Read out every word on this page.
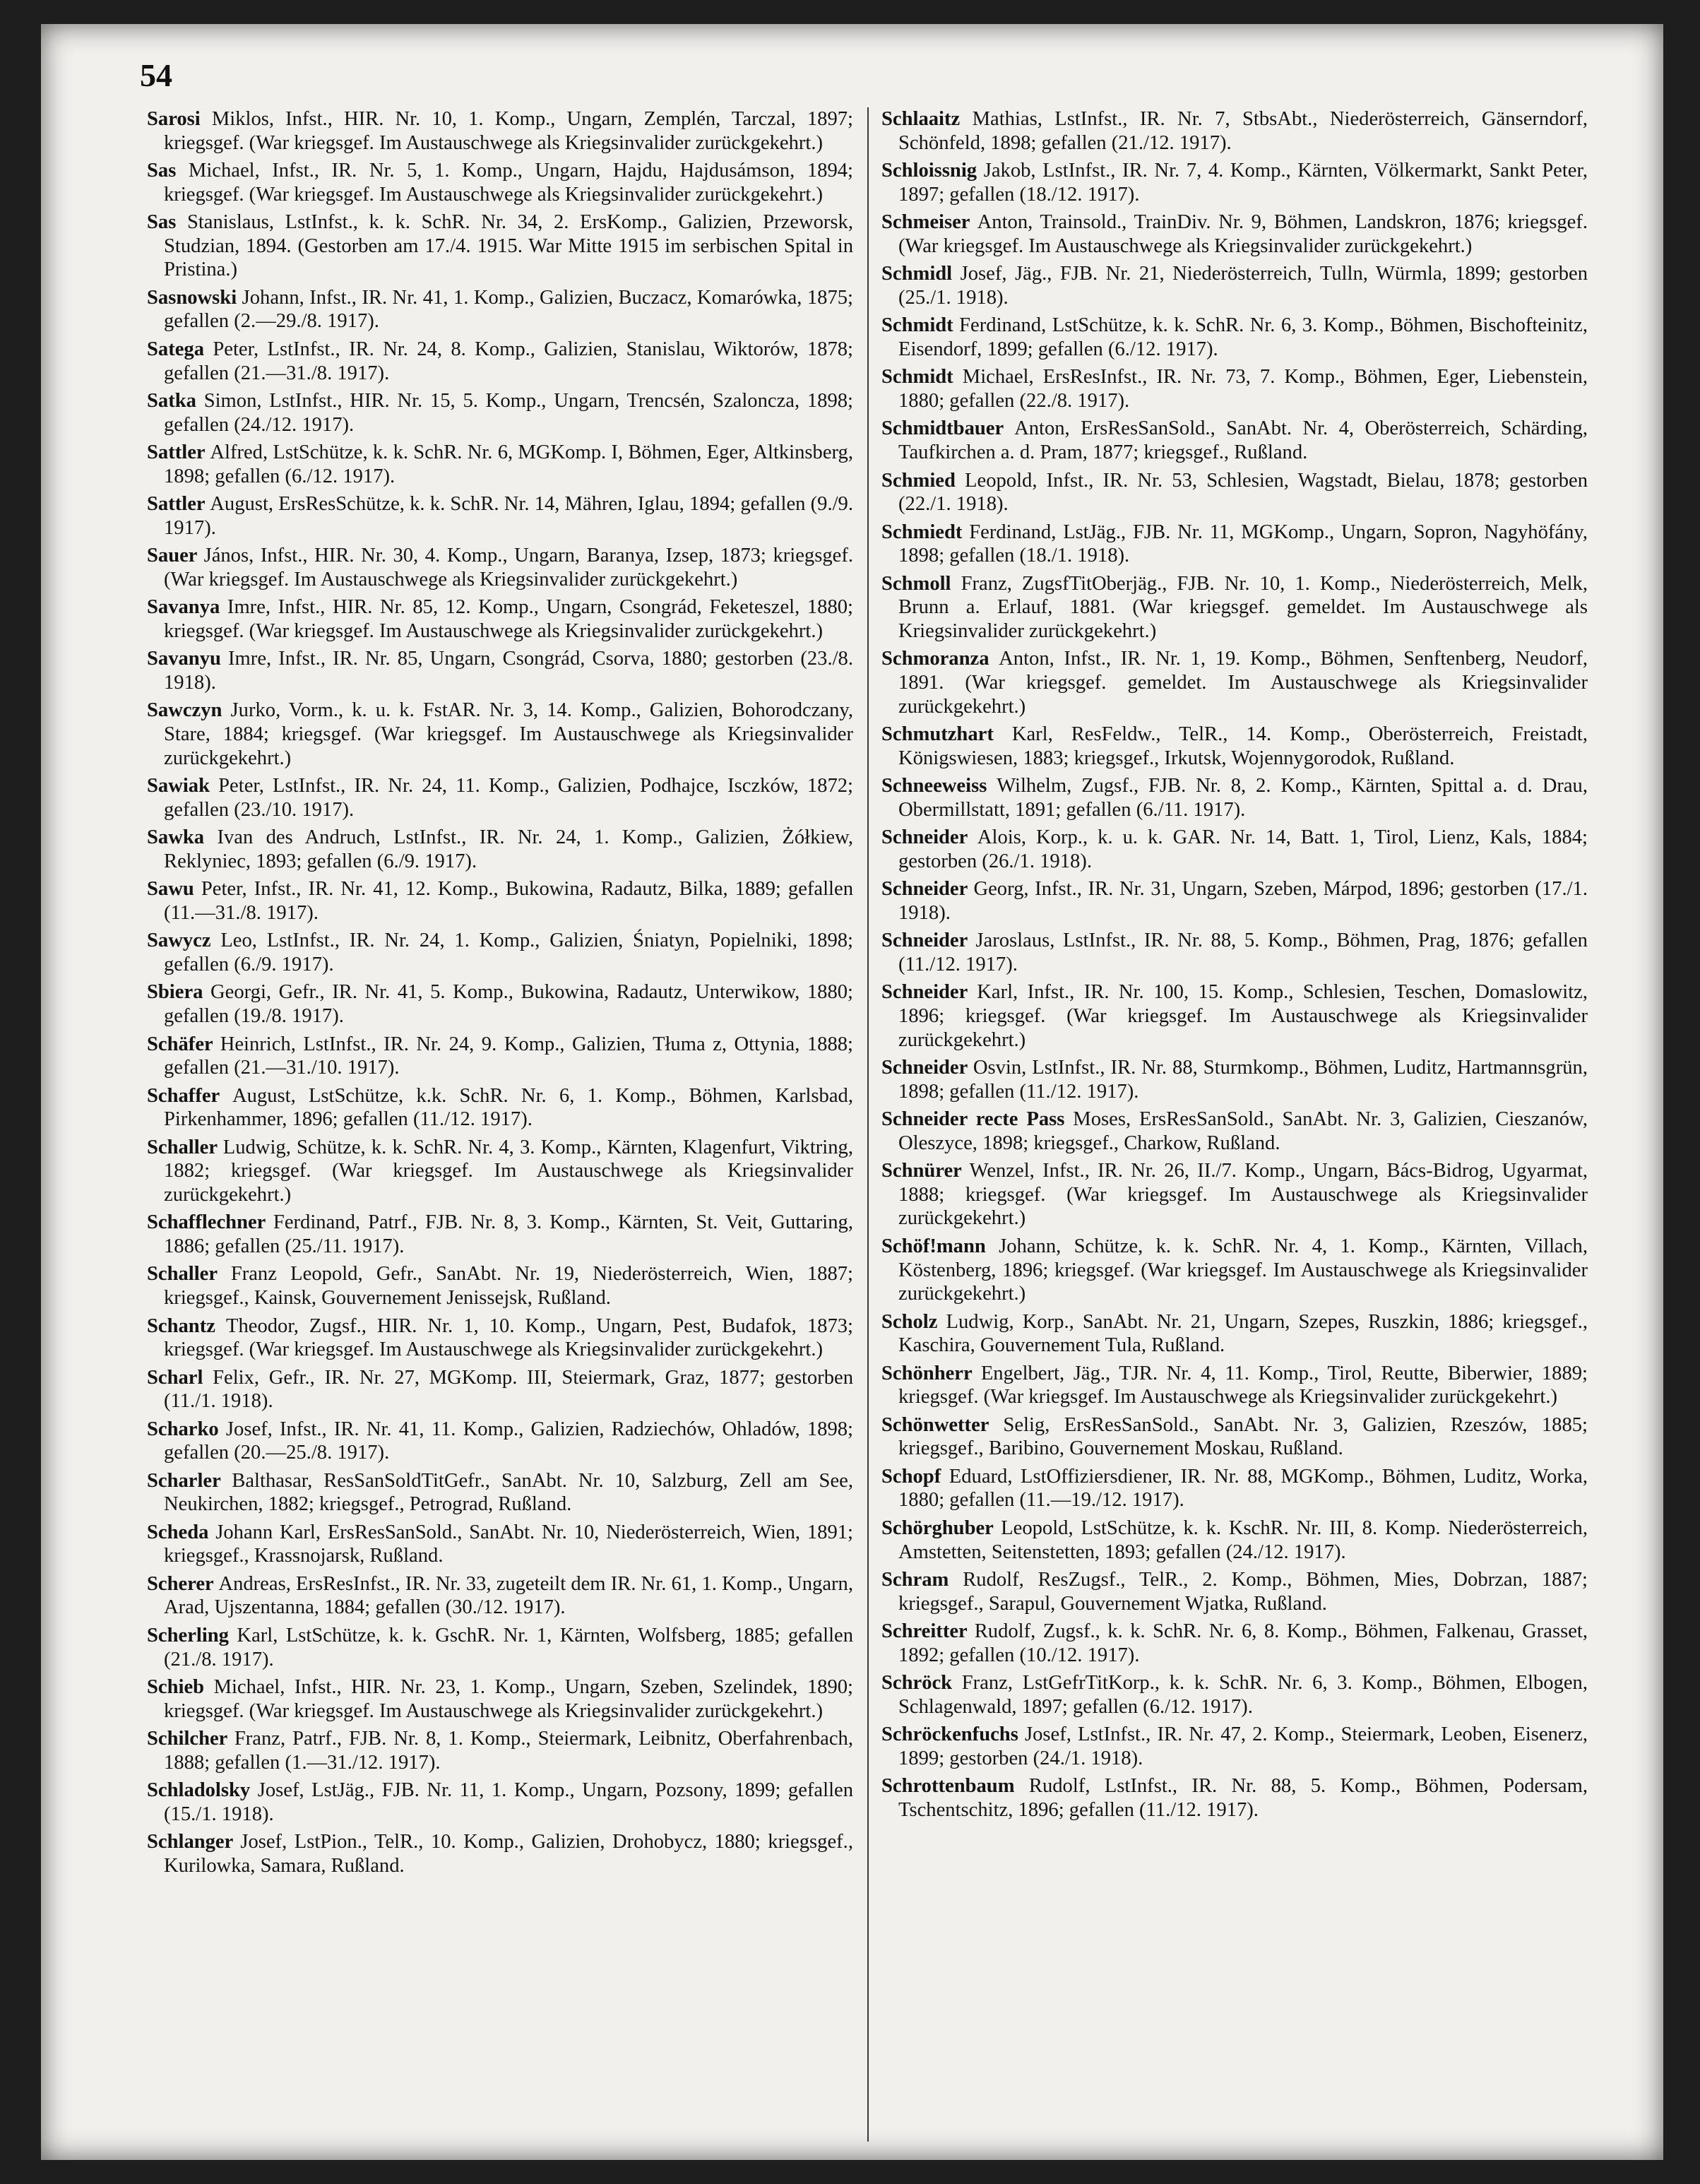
54

Sarosi Miklos, Infst., HIR. Nr. 10, 1. Komp., Ungarn, Zemplén, Tarczal, 1897; kriegsgef. (War kriegsgef. Im Austauschwege als Kriegsinvalider zurückgekehrt.)

Sas Michael, Infst., IR. Nr. 5, 1. Komp., Ungarn, Hajdu, Hajdusámson, 1894; kriegsgef. (War kriegsgef. Im Austauschwege als Kriegsinvalider zurückgekehrt.)

Sas Stanislaus, LstInfst., k. k. SchR. Nr. 34, 2. ErsKomp., Galizien, Przeworsk, Studzian, 1894. (Gestorben am 17./4. 1915. War Mitte 1915 im serbischen Spital in Pristina.)

Sasnowski Johann, Infst., IR. Nr. 41, 1. Komp., Galizien, Buczacz, Komarówka, 1875; gefallen (2.—29./8. 1917).

Satega Peter, LstInfst., IR. Nr. 24, 8. Komp., Galizien, Stanislau, Wiktorów, 1878; gefallen (21.—31./8. 1917).

Satka Simon, LstInfst., HIR. Nr. 15, 5. Komp., Ungarn, Trencsén, Szaloncza, 1898; gefallen (24./12. 1917).

Sattler Alfred, LstSchütze, k. k. SchR. Nr. 6, MGKomp. I, Böhmen, Eger, Altkinsberg, 1898; gefallen (6./12. 1917).

Sattler August, ErsResSchütze, k. k. SchR. Nr. 14, Mähren, Iglau, 1894; gefallen (9./9. 1917).

Sauer János, Infst., HIR. Nr. 30, 4. Komp., Ungarn, Baranya, Izsep, 1873; kriegsgef. (War kriegsgef. Im Austauschwege als Kriegsinvalider zurückgekehrt.)

Savanya Imre, Infst., HIR. Nr. 85, 12. Komp., Ungarn, Csongrád, Feketeszel, 1880; kriegsgef. (War kriegsgef. Im Austauschwege als Kriegsinvalider zurückgekehrt.)

Savanyu Imre, Infst., IR. Nr. 85, Ungarn, Csongrád, Csorva, 1880; gestorben (23./8. 1918).

Sawczyn Jurko, Vorm., k. u. k. FstAR. Nr. 3, 14. Komp., Galizien, Bohorodczany, Stare, 1884; kriegsgef. (War kriegsgef. Im Austauschwege als Kriegsinvalider zurückgekehrt.)

Sawiak Peter, LstInfst., IR. Nr. 24, 11. Komp., Galizien, Podhajce, Isczków, 1872; gefallen (23./10. 1917).

Sawka Ivan des Andruch, LstInfst., IR. Nr. 24, 1. Komp., Galizien, Żółkiew, Reklyniec, 1893; gefallen (6./9. 1917).

Sawu Peter, Infst., IR. Nr. 41, 12. Komp., Bukowina, Radautz, Bilka, 1889; gefallen (11.—31./8. 1917).

Sawycz Leo, LstInfst., IR. Nr. 24, 1. Komp., Galizien, Śniatyn, Popielniki, 1898; gefallen (6./9. 1917).

Sbiera Georgi, Gefr., IR. Nr. 41, 5. Komp., Bukowina, Radautz, Unterwikow, 1880; gefallen (19./8. 1917).

Schäfer Heinrich, LstInfst., IR. Nr. 24, 9. Komp., Galizien, Tłuma z, Ottynia, 1888; gefallen (21.—31./10. 1917).

Schaffer August, LstSchütze, k.k. SchR. Nr. 6, 1. Komp., Böhmen, Karlsbad, Pirkenhammer, 1896; gefallen (11./12. 1917).

Schaller Ludwig, Schütze, k. k. SchR. Nr. 4, 3. Komp., Kärnten, Klagenfurt, Viktring, 1882; kriegsgef. (War kriegsgef. Im Austauschwege als Kriegsinvalider zurückgekehrt.)

Schafflechner Ferdinand, Patrf., FJB. Nr. 8, 3. Komp., Kärnten, St. Veit, Guttaring, 1886; gefallen (25./11. 1917).

Schaller Franz Leopold, Gefr., SanAbt. Nr. 19, Niederösterreich, Wien, 1887; kriegsgef., Kainsk, Gouvernement Jenissejsk, Rußland.

Schantz Theodor, Zugsf., HIR. Nr. 1, 10. Komp., Ungarn, Pest, Budafok, 1873; kriegsgef. (War kriegsgef. Im Austauschwege als Kriegsinvalider zurückgekehrt.)

Scharl Felix, Gefr., IR. Nr. 27, MGKomp. III, Steiermark, Graz, 1877; gestorben (11./1. 1918).

Scharko Josef, Infst., IR. Nr. 41, 11. Komp., Galizien, Radziechów, Ohladów, 1898; gefallen (20.—25./8. 1917).

Scharler Balthasar, ResSanSoldTitGefr., SanAbt. Nr. 10, Salzburg, Zell am See, Neukirchen, 1882; kriegsgef., Petrograd, Rußland.

Scheda Johann Karl, ErsResSanSold., SanAbt. Nr. 10, Niederösterreich, Wien, 1891; kriegsgef., Krassnojarsk, Rußland.

Scherer Andreas, ErsResInfst., IR. Nr. 33, zugeteilt dem IR. Nr. 61, 1. Komp., Ungarn, Arad, Ujszentanna, 1884; gefallen (30./12. 1917).

Scherling Karl, LstSchütze, k. k. GschR. Nr. 1, Kärnten, Wolfsberg, 1885; gefallen (21./8. 1917).

Schieb Michael, Infst., HIR. Nr. 23, 1. Komp., Ungarn, Szeben, Szelindek, 1890; kriegsgef. (War kriegsgef. Im Austauschwege als Kriegsinvalider zurückgekehrt.)

Schilcher Franz, Patrf., FJB. Nr. 8, 1. Komp., Steiermark, Leibnitz, Oberfahrenbach, 1888; gefallen (1.—31./12. 1917).

Schladolsky Josef, LstJäg., FJB. Nr. 11, 1. Komp., Ungarn, Pozsony, 1899; gefallen (15./1. 1918).

Schlanger Josef, LstPion., TelR., 10. Komp., Galizien, Drohobycz, 1880; kriegsgef., Kurilowka, Samara, Rußland.

Schlaaitz Mathias, LstInfst., IR. Nr. 7, StbsAbt., Niederösterreich, Gänserndorf, Schönfeld, 1898; gefallen (21./12. 1917).

Schloissnig Jakob, LstInfst., IR. Nr. 7, 4. Komp., Kärnten, Völkermarkt, Sankt Peter, 1897; gefallen (18./12. 1917).

Schmeiser Anton, Trainsold., TrainDiv. Nr. 9, Böhmen, Landskron, 1876; kriegsgef. (War kriegsgef. Im Austauschwege als Kriegsinvalider zurückgekehrt.)

Schmidl Josef, Jäg., FJB. Nr. 21, Niederösterreich, Tulln, Würmla, 1899; gestorben (25./1. 1918).

Schmidt Ferdinand, LstSchütze, k. k. SchR. Nr. 6, 3. Komp., Böhmen, Bischofteinitz, Eisendorf, 1899; gefallen (6./12. 1917).

Schmidt Michael, ErsResInfst., IR. Nr. 73, 7. Komp., Böhmen, Eger, Liebenstein, 1880; gefallen (22./8. 1917).

Schmidtbauer Anton, ErsResSanSold., SanAbt. Nr. 4, Oberösterreich, Schärding, Taufkirchen a. d. Pram, 1877; kriegsgef., Rußland.

Schmied Leopold, Infst., IR. Nr. 53, Schlesien, Wagstadt, Bielau, 1878; gestorben (22./1. 1918).

Schmiedt Ferdinand, LstJäg., FJB. Nr. 11, MGKomp., Ungarn, Sopron, Nagyhöfány, 1898; gefallen (18./1. 1918).

Schmoll Franz, ZugsfTitOberjäg., FJB. Nr. 10, 1. Komp., Niederösterreich, Melk, Brunn a. Erlauf, 1881. (War kriegsgef. gemeldet. Im Austauschwege als Kriegsinvalider zurückgekehrt.)

Schmoranza Anton, Infst., IR. Nr. 1, 19. Komp., Böhmen, Senftenberg, Neudorf, 1891. (War kriegsgef. gemeldet. Im Austauschwege als Kriegsinvalider zurückgekehrt.)

Schmutzhart Karl, ResFeldw., TelR., 14. Komp., Oberösterreich, Freistadt, Königswiesen, 1883; kriegsgef., Irkutsk, Wojennygorodok, Rußland.

Schneeweiss Wilhelm, Zugsf., FJB. Nr. 8, 2. Komp., Kärnten, Spittal a. d. Drau, Obermillstatt, 1891; gefallen (6./11. 1917).

Schneider Alois, Korp., k. u. k. GAR. Nr. 14, Batt. 1, Tirol, Lienz, Kals, 1884; gestorben (26./1. 1918).

Schneider Georg, Infst., IR. Nr. 31, Ungarn, Szeben, Márpod, 1896; gestorben (17./1. 1918).

Schneider Jaroslaus, LstInfst., IR. Nr. 88, 5. Komp., Böhmen, Prag, 1876; gefallen (11./12. 1917).

Schneider Karl, Infst., IR. Nr. 100, 15. Komp., Schlesien, Teschen, Domaslowitz, 1896; kriegsgef. (War kriegsgef. Im Austauschwege als Kriegsinvalider zurückgekehrt.)

Schneider Osvin, LstInfst., IR. Nr. 88, Sturmkomp., Böhmen, Luditz, Hartmannsgrün, 1898; gefallen (11./12. 1917).

Schneider recte Pass Moses, ErsResSanSold., SanAbt. Nr. 3, Galizien, Cieszanów, Oleszyce, 1898; kriegsgef., Charkow, Rußland.

Schnürer Wenzel, Infst., IR. Nr. 26, II./7. Komp., Ungarn, Bács-Bidrog, Ugyarmat, 1888; kriegsgef. (War kriegsgef. Im Austauschwege als Kriegsinvalider zurückgekehrt.)

Schöf!mann Johann, Schütze, k. k. SchR. Nr. 4, 1. Komp., Kärnten, Villach, Köstenberg, 1896; kriegsgef. (War kriegsgef. Im Austauschwege als Kriegsinvalider zurückgekehrt.)

Scholz Ludwig, Korp., SanAbt. Nr. 21, Ungarn, Szepes, Ruszkin, 1886; kriegsgef., Kaschira, Gouvernement Tula, Rußland.

Schönherr Engelbert, Jäg., TJR. Nr. 4, 11. Komp., Tirol, Reutte, Biberwier, 1889; kriegsgef. (War kriegsgef. Im Austauschwege als Kriegsinvalider zurückgekehrt.)

Schönwetter Selig, ErsResSanSold., SanAbt. Nr. 3, Galizien, Rzeszów, 1885; kriegsgef., Baribino, Gouvernement Moskau, Rußland.

Schopf Eduard, LstOffiziersdiener, IR. Nr. 88, MGKomp., Böhmen, Luditz, Worka, 1880; gefallen (11.—19./12. 1917).

Schörghuber Leopold, LstSchütze, k. k. KschR. Nr. III, 8. Komp. Niederösterreich, Amstetten, Seitenstetten, 1893; gefallen (24./12. 1917).

Schram Rudolf, ResZugsf., TelR., 2. Komp., Böhmen, Mies, Dobrzan, 1887; kriegsgef., Sarapul, Gouvernement Wjatka, Rußland.

Schreitter Rudolf, Zugsf., k. k. SchR. Nr. 6, 8. Komp., Böhmen, Falkenau, Grasset, 1892; gefallen (10./12. 1917).

Schröck Franz, LstGefrTitKorp., k. k. SchR. Nr. 6, 3. Komp., Böhmen, Elbogen, Schlagenwald, 1897; gefallen (6./12. 1917).

Schröckenfuchs Josef, LstInfst., IR. Nr. 47, 2. Komp., Steiermark, Leoben, Eisenerz, 1899; gestorben (24./1. 1918).

Schrottenbaum Rudolf, LstInfst., IR. Nr. 88, 5. Komp., Böhmen, Podersam, Tschentschitz, 1896; gefallen (11./12. 1917).
